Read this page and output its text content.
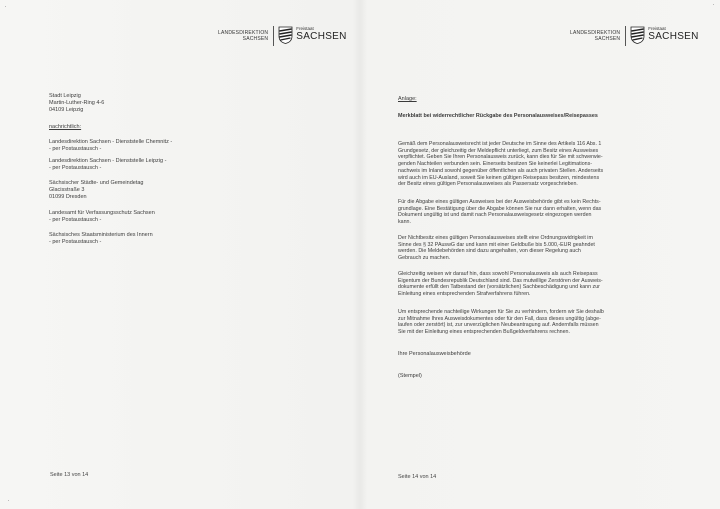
LANDESDIREKTION
SACHSEN
Freistaat
SACHSEN
Stadt Leipzig
Martin-Luther-Ring 4-6
04109 Leipzig
nachrichtlich:
Landesdirektion Sachsen - Dienststelle Chemnitz -
- per Postaustausch -
Landesdirektion Sachsen - Dienststelle Leipzig -
- per Postaustausch -
Sächsischer Städte- und Gemeindetag
Glacisstraße 3
01099 Dresden
Landesamt für Verfassungsschutz Sachsen
- per Postaustausch -
Sächsisches Staatsministerium des Innern
- per Postaustausch -
Seite 13 von 14
LANDESDIREKTION
SACHSEN
Freistaat
SACHSEN
Anlage:
Merkblatt bei widerrechtlicher Rückgabe des Personalausweises/Reisepasses
Gemäß dem Personalausweisrecht ist jeder Deutsche im Sinne des Artikels 116 Abs. 1
Grundgesetz, der gleichzeitig der Meldepflicht unterliegt, zum Besitz eines Ausweises
verpflichtet. Geben Sie Ihren Personalausweis zurück, kann dies für Sie mit schwerwie-
genden Nachteilen verbunden sein. Einerseits besitzen Sie keinerlei Legitimations-
nachweis im Inland sowohl gegenüber öffentlichen als auch privaten Stellen. Anderseits
wird auch im EU-Ausland, soweit Sie keinen gültigen Reisepass besitzen, mindestens
der Besitz eines gültigen Personalausweises als Passersatz vorgeschrieben.
Für die Abgabe eines gültigen Ausweises bei der Ausweisbehörde gibt es kein Rechts-
grundlage. Eine Bestätigung über die Abgabe können Sie nur dann erhalten, wenn das
Dokument ungültig ist und damit nach Personalausweisgesetz eingezogen werden
kann.
Der Nichtbesitz eines gültigen Personalausweises stellt eine Ordnungswidrigkeit im
Sinne des § 32 PAuswG dar und kann mit einer Geldbuße bis 5.000,-EUR geahndet
werden. Die Meldebehörden sind dazu angehalten, von dieser Regelung auch
Gebrauch zu machen.
Gleichzeitig weisen wir darauf hin, dass sowohl Personalausweis als auch Reisepass
Eigentum der Bundesrepublik Deutschland sind. Das mutwillige Zerstören der Ausweis-
dokumente erfüllt den Tatbestand der (vorsätzlichen) Sachbeschädigung und kann zur
Einleitung eines entsprechenden Strafverfahrens führen.
Um entsprechende nachteilige Wirkungen für Sie zu verhindern, fordern wir Sie deshalb
zur Mitnahme Ihres Ausweisdokumentes oder für den Fall, dass dieses ungültig (abge-
laufen oder zerstört) ist, zur unverzüglichen Neubeantragung auf. Andernfalls müssen
Sie mit der Einleitung eines entsprechenden Bußgeldverfahrens rechnen.
Ihre Personalausweisbehörde
(Stempel)
Seite 14 von 14
